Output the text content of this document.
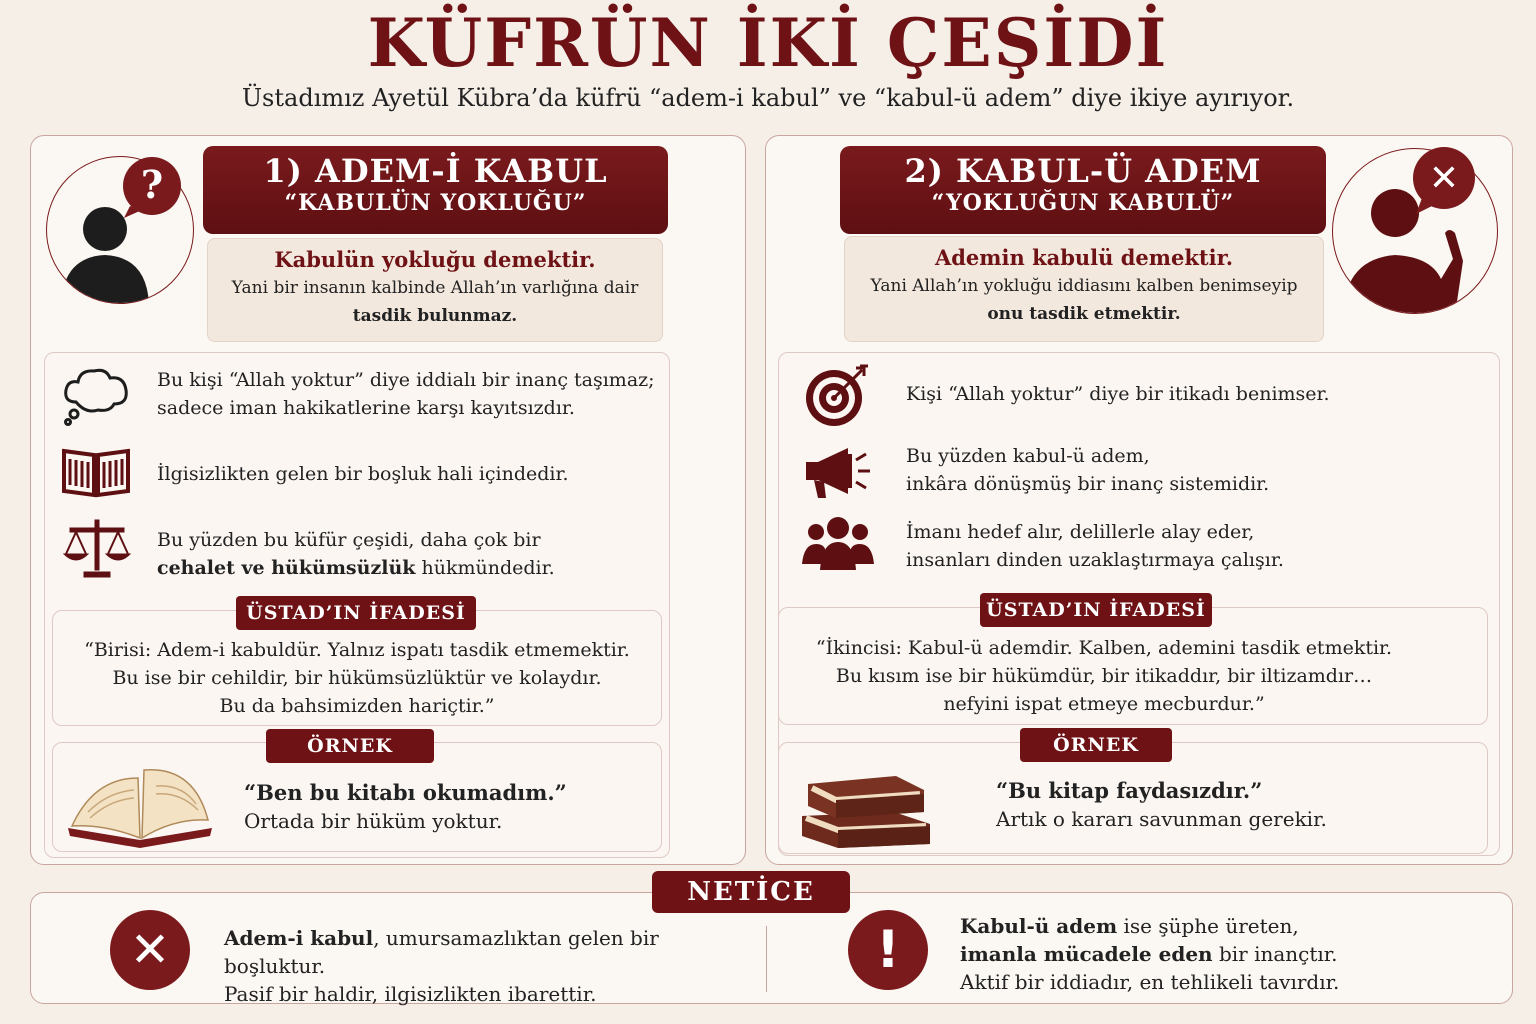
KÜFRÜN İKİ ÇEŞİDİ
Üstadımız Ayetül Kübra’da küfrü “adem-i kabul” ve “kabul-ü adem” diye ikiye ayırıyor.
?	1) ADEM-İ KABUL
“KABULÜN YOKLUĞU”
Kabulün yokluğu demektir.
Yani bir insanın kalbinde Allah’ın varlığına dair
tasdik bulunmaz.
Bu kişi “Allah yoktur” diye iddialı bir inanç taşımaz;
sadece iman hakikatlerine karşı kayıtsızdır.
İlgisizlikten gelen bir boşluk hali içindedir.
Bu yüzden bu küfür çeşidi, daha çok bir
cehalet ve hükümsüzlük hükmündedir.
ÜSTAD’IN İFADESİ
“Birisi: Adem-i kabuldür. Yalnız ispatı tasdik etmemektir.
Bu ise bir cehildir, bir hükümsüzlüktür ve kolaydır.
Bu da bahsimizden hariçtir.”
ÖRNEK
“Ben bu kitabı okumadım.”
Ortada bir hüküm yoktur.
✕
2) KABUL-Ü ADEM
“YOKLUĞUN KABULÜ”
Ademin kabulü demektir.
Yani Allah’ın yokluğu iddiasını kalben benimseyip
onu tasdik etmektir.
Kişi “Allah yoktur” diye bir itikadı benimser.
Bu yüzden kabul-ü adem,
inkâra dönüşmüş bir inanç sistemidir.
İmanı hedef alır, delillerle alay eder,
insanları dinden uzaklaştırmaya çalışır.
ÜSTAD’IN İFADESİ
“İkincisi: Kabul-ü ademdir. Kalben, ademini tasdik etmektir.
Bu kısım ise bir hükümdür, bir itikaddır, bir iltizamdır…
nefyini ispat etmeye mecburdur.”
ÖRNEK
“Bu kitap faydasızdır.”
Artık o kararı savunman gerekir.
NETİCE
✕	Adem-i kabul, umursamazlıktan gelen bir boşluktur.
Pasif bir haldir, ilgisizlikten ibarettir.
!	Kabul-ü adem ise şüphe üreten,
imanla mücadele eden bir inançtır.
Aktif bir iddiadır, en tehlikeli tavırdır.
